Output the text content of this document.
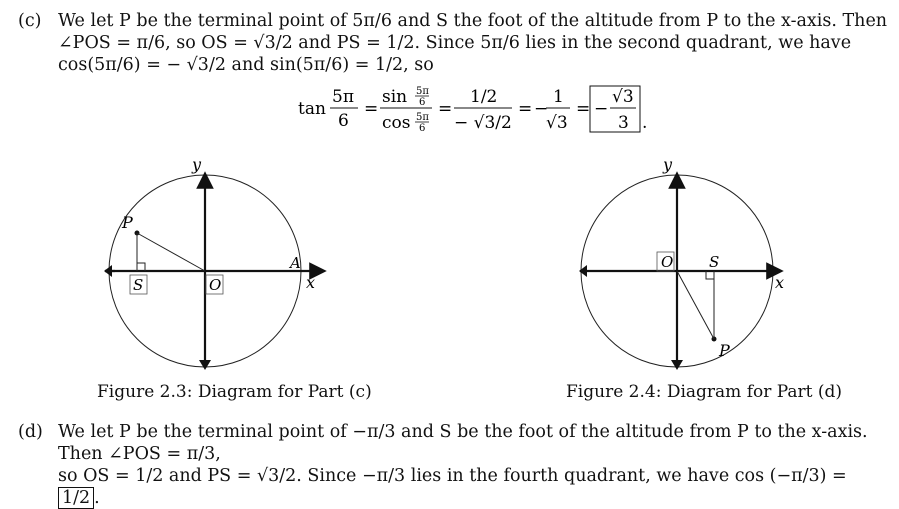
(c) We let P be the terminal point of 5π/6 and S the foot of the altitude from P to the x-axis. Then ∠POS = π/6, so OS = √3/2 and PS = 1/2. Since 5π/6 lies in the second quadrant, we have cos(5π/6) = − √3/2 and sin(5π/6) = 1/2, so
tan
5π
6
=
sin 5π
6
cos 5π
6
=
1/2
− √3/2
= −
1
√3
= −
√3
3 .
y
P
S	O
A
x
y
O S
P
x
Figure 2.3: Diagram for Part (c)	Figure 2.4: Diagram for Part (d)
(d) We let P be the terminal point of −π/3 and S be the foot of the altitude from P to the x-axis. Then ∠POS = π/3,
so OS = 1/2 and PS = √3/2. Since −π/3 lies in the fourth quadrant, we have cos (−π/3) = 1/2 .
